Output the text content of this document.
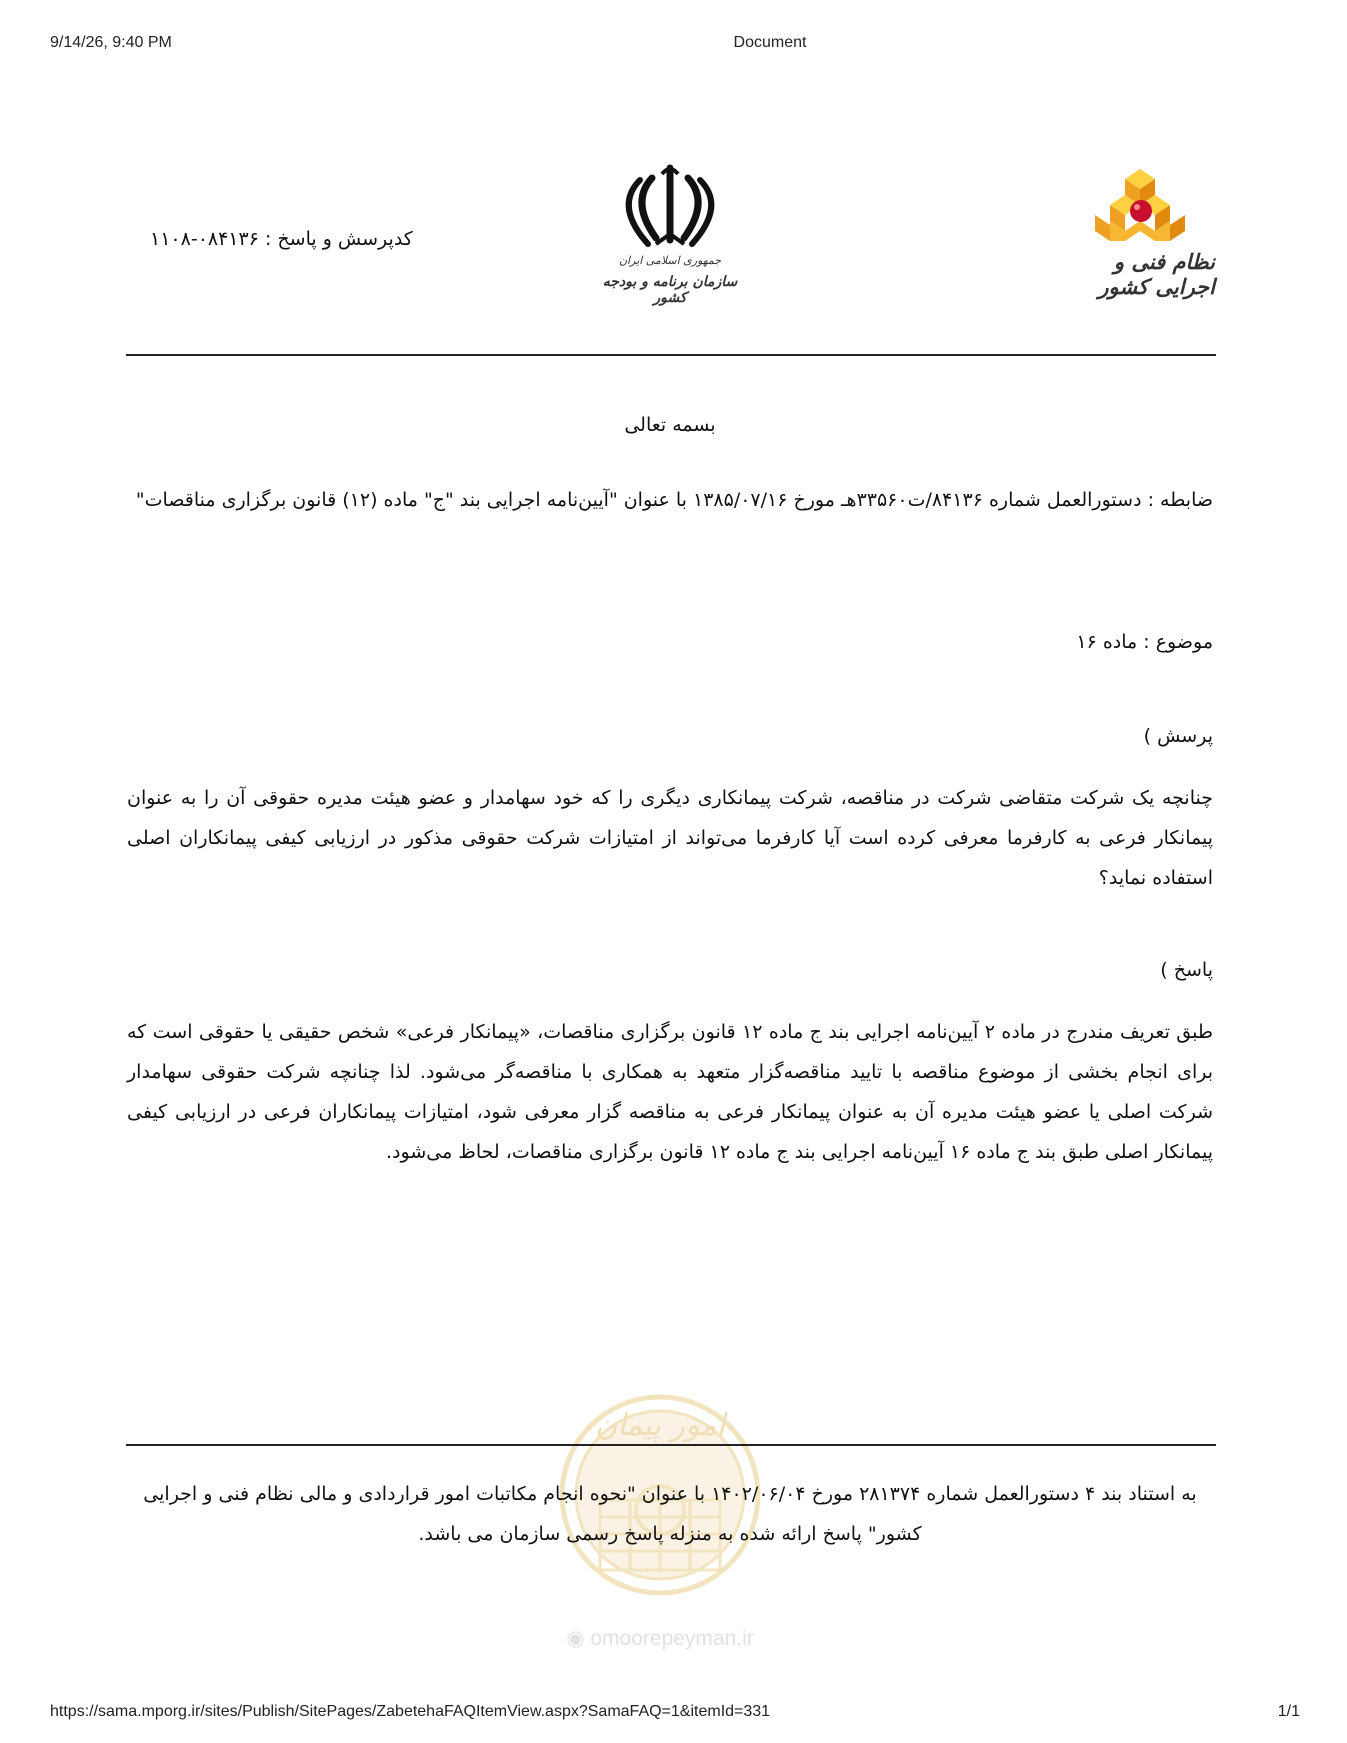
9/14/26, 9:40 PM	Document
نظام فنی و اجرایی کشور
جمهوری اسلامی ایران
سازمان برنامه و بودجه کشور
کدپرسش و پاسخ : ۰۸۴۱۳۶-۱۱۰۸
بسمه تعالی
ضابطه : دستورالعمل شماره ۸۴۱۳۶/ت۳۳۵۶۰هـ مورخ ۱۳۸۵/۰۷/۱۶ با عنوان "آیین‌نامه اجرایی بند "ج" ماده (۱۲) قانون برگزاری مناقصات"
موضوع : ماده ۱۶
پرسش )
چنانچه یک شرکت متقاضی شرکت در مناقصه، شرکت پیمانکاری دیگری را که خود سهامدار و عضو هیئت مدیره حقوقی آن را به عنوان پیمانکار فرعی به کارفرما معرفی کرده است آیا کارفرما می‌تواند از امتیازات شرکت حقوقی مذکور در ارزیابی کیفی پیمانکاران اصلی استفاده نماید؟
پاسخ )
طبق تعریف مندرج در ماده ۲ آیین‌نامه اجرایی بند ج ماده ۱۲ قانون برگزاری مناقصات، «پیمانکار فرعی» شخص حقیقی یا حقوقی است که برای انجام بخشی از موضوع مناقصه با تایید مناقصه‌گزار متعهد به همکاری با مناقصه‌گر می‌شود. لذا چنانچه شرکت حقوقی سهامدار شرکت اصلی یا عضو هیئت مدیره آن به عنوان پیمانکار فرعی به مناقصه گزار معرفی شود، امتیازات پیمانکاران فرعی در ارزیابی کیفی پیمانکار اصلی طبق بند ج ماده ۱۶ آیین‌نامه اجرایی بند ج ماده ۱۲ قانون برگزاری مناقصات، لحاظ می‌شود.
امور پیمان
◉ omoorepeyman.ir
به استناد بند ۴ دستورالعمل شماره ۲۸۱۳۷۴ مورخ ۱۴۰۲/۰۶/۰۴ با عنوان "نحوه انجام مکاتبات امور قراردادی و مالی نظام فنی و اجرایی کشور" پاسخ ارائه شده به منزله پاسخ رسمی سازمان می باشد.
https://sama.mporg.ir/sites/Publish/SitePages/ZabetehaFAQItemView.aspx?SamaFAQ=1&itemId=331	1/1
